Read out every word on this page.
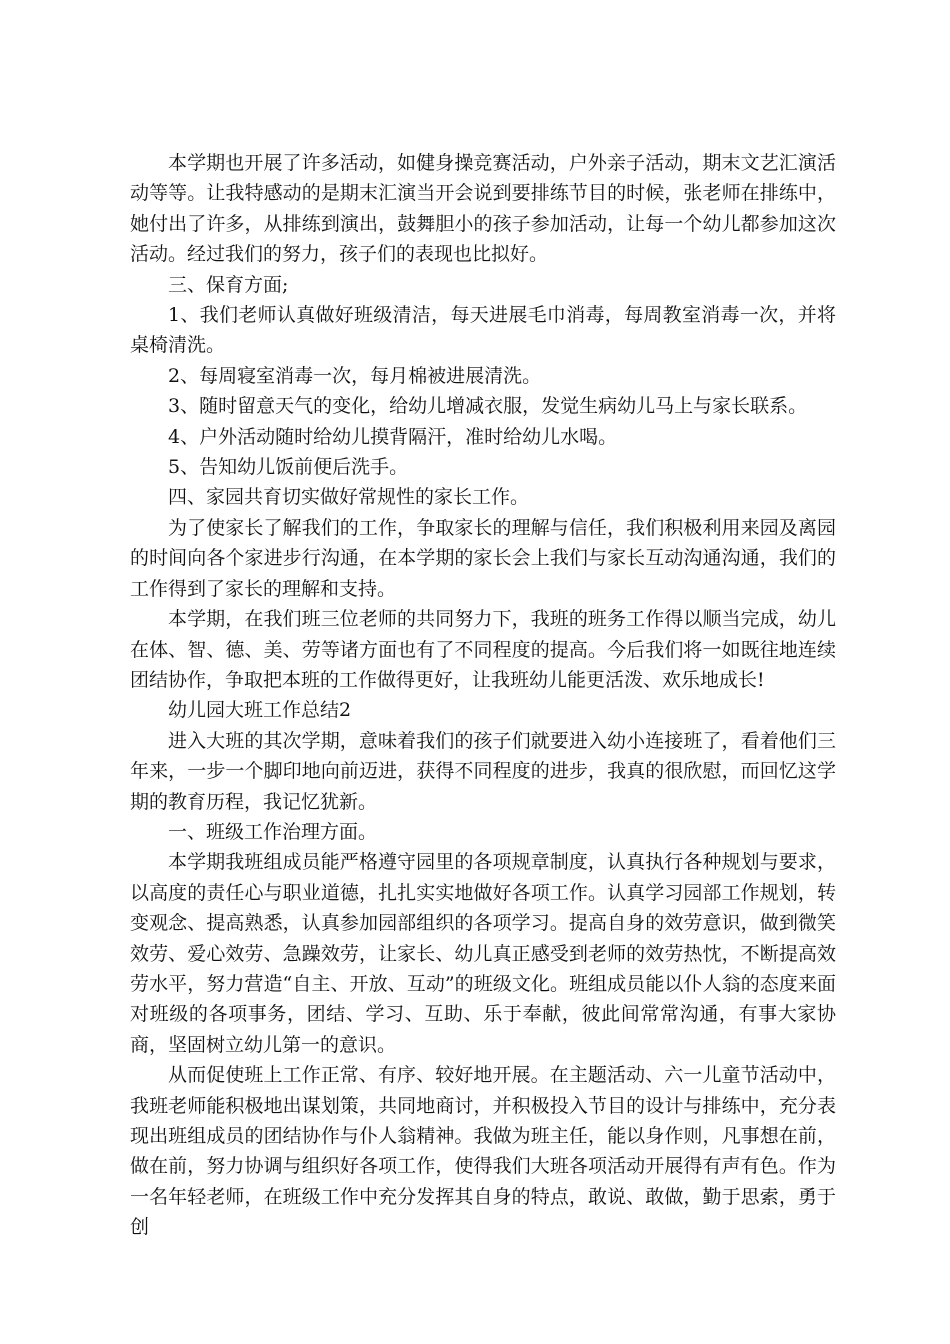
本学期也开展了许多活动，如健身操竞赛活动，户外亲子活动，期末文艺汇演活动等等。让我特感动的是期末汇演当开会说到要排练节目的时候，张老师在排练中，她付出了许多，从排练到演出，鼓舞胆小的孩子参加活动，让每一个幼儿都参加这次活动。经过我们的努力，孩子们的表现也比拟好。

三、保育方面;

1、我们老师认真做好班级清洁，每天进展毛巾消毒，每周教室消毒一次，并将桌椅清洗。

2、每周寝室消毒一次，每月棉被进展清洗。

3、随时留意天气的变化，给幼儿增减衣服，发觉生病幼儿马上与家长联系。

4、户外活动随时给幼儿摸背隔汗，准时给幼儿水喝。

5、告知幼儿饭前便后洗手。

四、家园共育切实做好常规性的家长工作。

为了使家长了解我们的工作，争取家长的理解与信任，我们积极利用来园及离园的时间向各个家进步行沟通，在本学期的家长会上我们与家长互动沟通沟通，我们的工作得到了家长的理解和支持。

本学期，在我们班三位老师的共同努力下，我班的班务工作得以顺当完成，幼儿在体、智、德、美、劳等诸方面也有了不同程度的提高。今后我们将一如既往地连续团结协作，争取把本班的工作做得更好，让我班幼儿能更活泼、欢乐地成长!

幼儿园大班工作总结2

进入大班的其次学期，意味着我们的孩子们就要进入幼小连接班了，看着他们三年来，一步一个脚印地向前迈进，获得不同程度的进步，我真的很欣慰，而回忆这学期的教育历程，我记忆犹新。

一、班级工作治理方面。

本学期我班组成员能严格遵守园里的各项规章制度，认真执行各种规划与要求，以高度的责任心与职业道德，扎扎实实地做好各项工作。认真学习园部工作规划，转变观念、提高熟悉，认真参加园部组织的各项学习。提高自身的效劳意识，做到微笑效劳、爱心效劳、急躁效劳，让家长、幼儿真正感受到老师的效劳热忱，不断提高效劳水平，努力营造“自主、开放、互动”的班级文化。班组成员能以仆人翁的态度来面对班级的各项事务，团结、学习、互助、乐于奉献，彼此间常常沟通，有事大家协商，坚固树立幼儿第一的意识。

从而促使班上工作正常、有序、较好地开展。在主题活动、六一儿童节活动中，我班老师能积极地出谋划策，共同地商讨，并积极投入节目的设计与排练中，充分表现出班组成员的团结协作与仆人翁精神。我做为班主任，能以身作则，凡事想在前，做在前，努力协调与组织好各项工作，使得我们大班各项活动开展得有声有色。作为一名年轻老师，在班级工作中充分发挥其自身的特点，敢说、敢做，勤于思索，勇于创
